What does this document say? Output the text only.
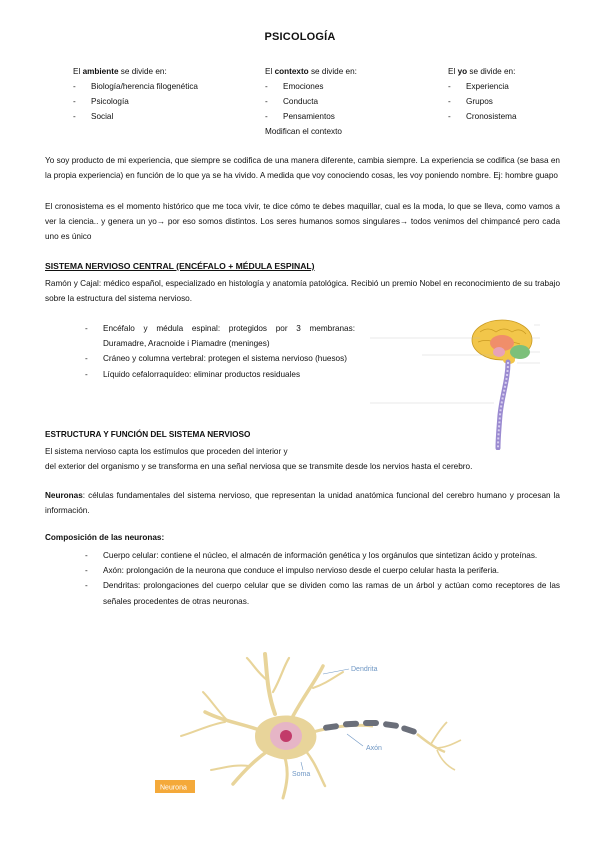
PSICOLOGÍA
El ambiente se divide en:
- Biología/herencia filogenética
- Psicología
- Social
El contexto se divide en:
- Emociones
- Conducta
- Pensamientos
Modifican el contexto
El yo se divide en:
- Experiencia
- Grupos
- Cronosistema
Yo soy producto de mi experiencia, que siempre se codifica de una manera diferente, cambia siempre. La experiencia se codifica (se basa en la propia experiencia) en función de lo que ya se ha vivido. A medida que voy conociendo cosas, les voy poniendo nombre. Ej: hombre guapo
El cronosistema es el momento histórico que me toca vivir, te dice cómo te debes maquillar, cual es la moda, lo que se lleva, como vamos a ver la ciencia.. y genera un yo→ por eso somos distintos. Los seres humanos somos singulares→ todos venimos del chimpancé pero cada uno es único
SISTEMA NERVIOSO CENTRAL (ENCÉFALO + MÉDULA ESPINAL)
Ramón y Cajal: médico español, especializado en histología y anatomía patológica. Recibió un premio Nobel en reconocimiento de su trabajo sobre la estructura del sistema nervioso.
- Encéfalo y médula espinal: protegidos por 3 membranas: Duramadre, Aracnoide i Piamadre (meninges)
- Cráneo y columna vertebral: protegen el sistema nervioso (huesos)
- Líquido cefalorraquídeo: eliminar productos residuales
ESTRUCTURA Y FUNCIÓN DEL SISTEMA NERVIOSO
El sistema nervioso capta los estímulos que proceden del interior y
del exterior del organismo y se transforma en una señal nerviosa que se transmite desde los nervios hasta el cerebro.
Neuronas: células fundamentales del sistema nervioso, que representan la unidad anatómica funcional del cerebro humano y procesan la información.
Composición de las neuronas:
- Cuerpo celular: contiene el núcleo, el almacén de información genética y los orgánulos que sintetizan ácido y proteínas.
- Axón: prolongación de la neurona que conduce el impulso nervioso desde el cuerpo celular hasta la periferia.
- Dendritas: prolongaciones del cuerpo celular que se dividen como las ramas de un árbol y actúan como receptores de las señales procedentes de otras neuronas.
Dendrita
Axón
Soma
Neurona
